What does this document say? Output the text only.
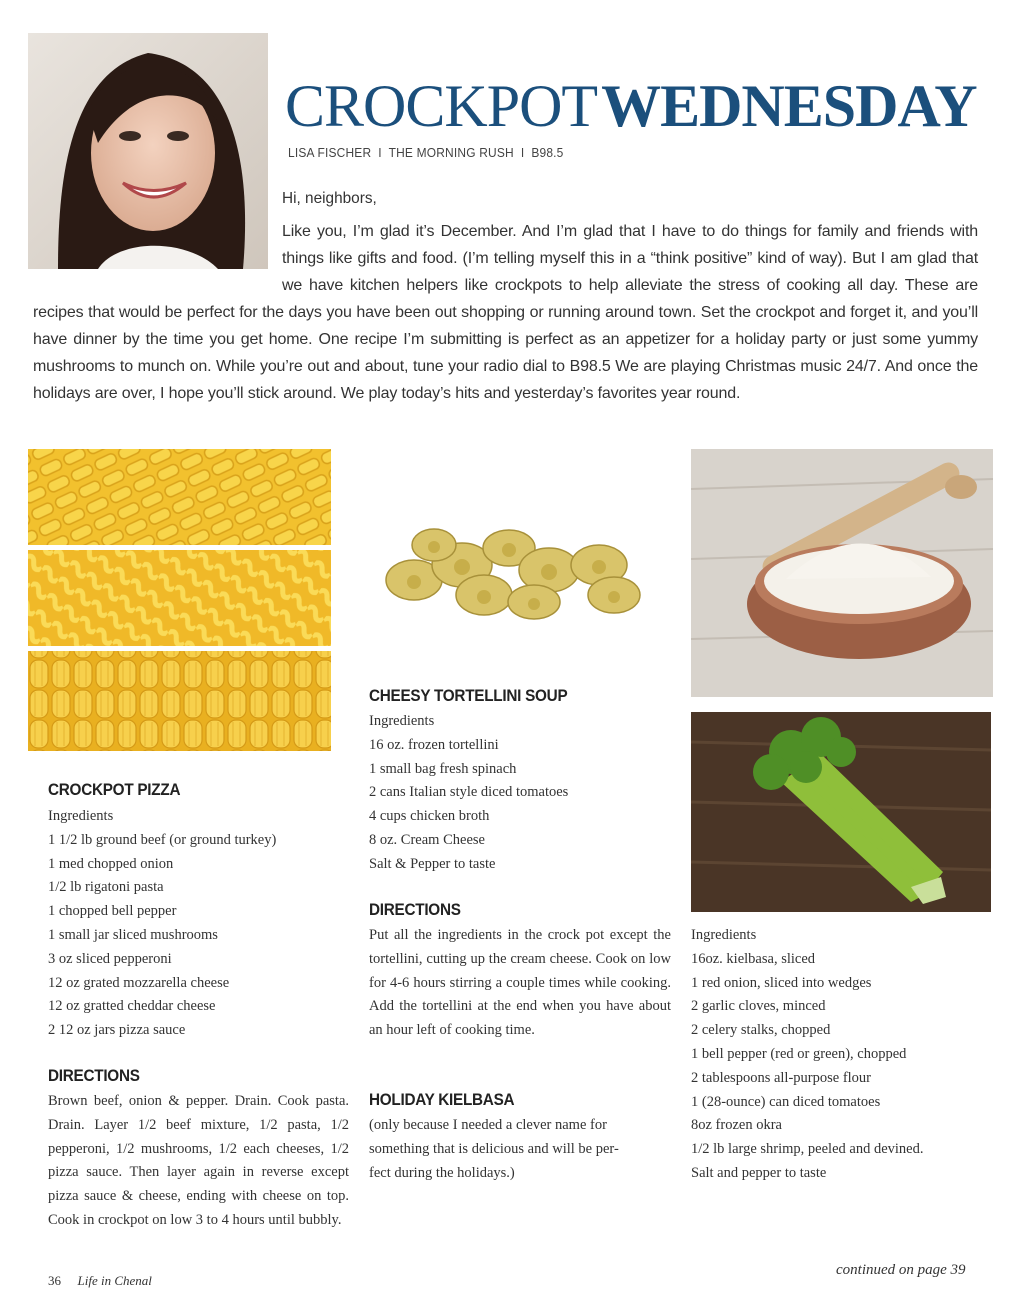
CROCKPOT WEDNESDAY
LISA FISCHER  I  THE MORNING RUSH  I  B98.5
Hi, neighbors,
Like you, I’m glad it’s December. And I’m glad that I have to do things for family and friends with things like gifts and food. (I’m telling myself this in a “think positive” kind of way). But I am glad that we have kitchen helpers like crockpots to help alleviate the stress of cooking all day. These are recipes that would be perfect for the days you have been out shopping or running around town. Set the crockpot and forget it, and you’ll have dinner by the time you get home. One recipe I’m submitting is perfect as an appetizer for a holiday party or just some yummy mushrooms to munch on. While you’re out and about, tune your radio dial to B98.5 We are playing Christmas music 24/7. And once the holidays are over, I hope you’ll stick around. We play today’s hits and yesterday’s favorites year round.
CROCKPOT PIZZA
Ingredients
1 1/2 lb ground beef (or ground turkey)
1 med chopped onion
1/2 lb rigatoni pasta
1 chopped bell pepper
1 small jar sliced mushrooms
3 oz sliced pepperoni
12 oz grated mozzarella cheese
12 oz gratted cheddar cheese
2 12 oz jars pizza sauce
DIRECTIONS
Brown beef, onion & pepper. Drain. Cook pasta. Drain. Layer 1/2 beef mixture, 1/2 pasta, 1/2 pepperoni, 1/2 mushrooms, 1/2 each cheeses, 1/2 pizza sauce. Then layer again in reverse except pizza sauce & cheese, ending with cheese on top. Cook in crockpot on low 3 to 4 hours until bubbly.
CHEESY TORTELLINI SOUP
Ingredients
16 oz. frozen tortellini
1 small bag fresh spinach
2 cans Italian style diced tomatoes
4 cups chicken broth
8 oz. Cream Cheese
Salt & Pepper to taste
DIRECTIONS
Put all the ingredients in the crock pot except the tortellini, cutting up the cream cheese. Cook on low for 4-6 hours stirring a couple times while cooking. Add the tortellini at the end when you have about an hour left of cooking time.
HOLIDAY KIELBASA
(only because I needed a clever name for
something that is delicious and will be per-
fect during the holidays.)
Ingredients
16oz. kielbasa, sliced
1 red onion, sliced into wedges
2 garlic cloves, minced
2 celery stalks, chopped
1 bell pepper (red or green), chopped
2 tablespoons all-purpose flour
1 (28-ounce) can diced tomatoes
8oz frozen okra
1/2 lb large shrimp, peeled and devined.
Salt and pepper to taste
36 Life in Chenal
continued on page 39
